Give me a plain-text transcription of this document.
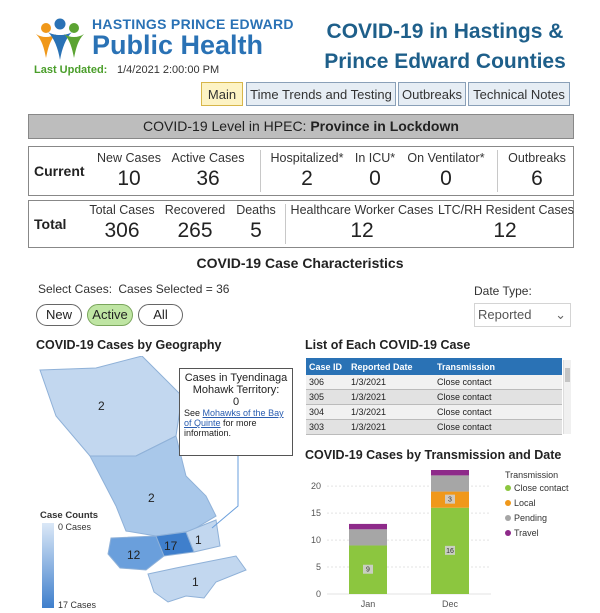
HASTINGS PRINCE EDWARD
Public Health
Last Updated: 1/4/2021 2:00:00 PM
COVID-19 in Hastings &
Prince Edward Counties
Main	Time Trends and Testing Outbreaks Technical Notes
COVID-19 Level in HPEC: Province in Lockdown
Current
New Cases
10
Active Cases
36
Hospitalized*
2
In ICU*
0
On Ventilator*
0
Outbreaks
6
Total
Total Cases
306
Recovered
265
Deaths
5
Healthcare Worker Cases
12
LTC/RH Resident Cases
12
COVID-19 Case Characteristics
Select Cases: Cases Selected = 36
New	Active	All
Date Type:
Reported ⌄
COVID-19 Cases by Geography
2
2
12
17 1
1
Case Counts
0 Cases
17 Cases
Cases in Tyendinaga Mohawk Territory:
0
See Mohawks of the Bay of Quinte for more information.
List of Each COVID-19 Case
Case ID	Reported Date	Transmission
306	1/3/2021	Close contact
305	1/3/2021	Close contact
304	1/3/2021	Close contact
303	1/3/2021	Close contact
COVID-19 Cases by Transmission and Date
0
5
10
15
20
9
Jan
16
3
Dec
Transmission
Close contact
Local
Pending
Travel
